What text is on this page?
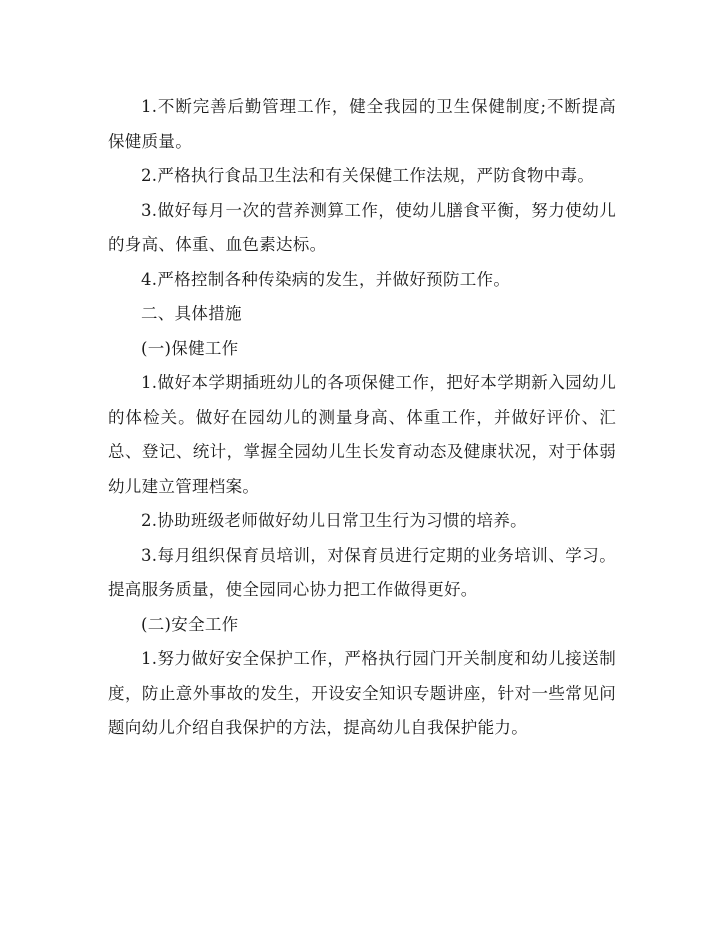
1.不断完善后勤管理工作，健全我园的卫生保健制度;不断提高保健质量。

2.严格执行食品卫生法和有关保健工作法规，严防食物中毒。

3.做好每月一次的营养测算工作，使幼儿膳食平衡，努力使幼儿的身高、体重、血色素达标。

4.严格控制各种传染病的发生，并做好预防工作。

二、具体措施

(一)保健工作

1.做好本学期插班幼儿的各项保健工作，把好本学期新入园幼儿的体检关。做好在园幼儿的测量身高、体重工作，并做好评价、汇总、登记、统计，掌握全园幼儿生长发育动态及健康状况，对于体弱幼儿建立管理档案。

2.协助班级老师做好幼儿日常卫生行为习惯的培养。

3.每月组织保育员培训，对保育员进行定期的业务培训、学习。提高服务质量，使全园同心协力把工作做得更好。

(二)安全工作

1.努力做好安全保护工作，严格执行园门开关制度和幼儿接送制度，防止意外事故的发生，开设安全知识专题讲座，针对一些常见问题向幼儿介绍自我保护的方法，提高幼儿自我保护能力。
